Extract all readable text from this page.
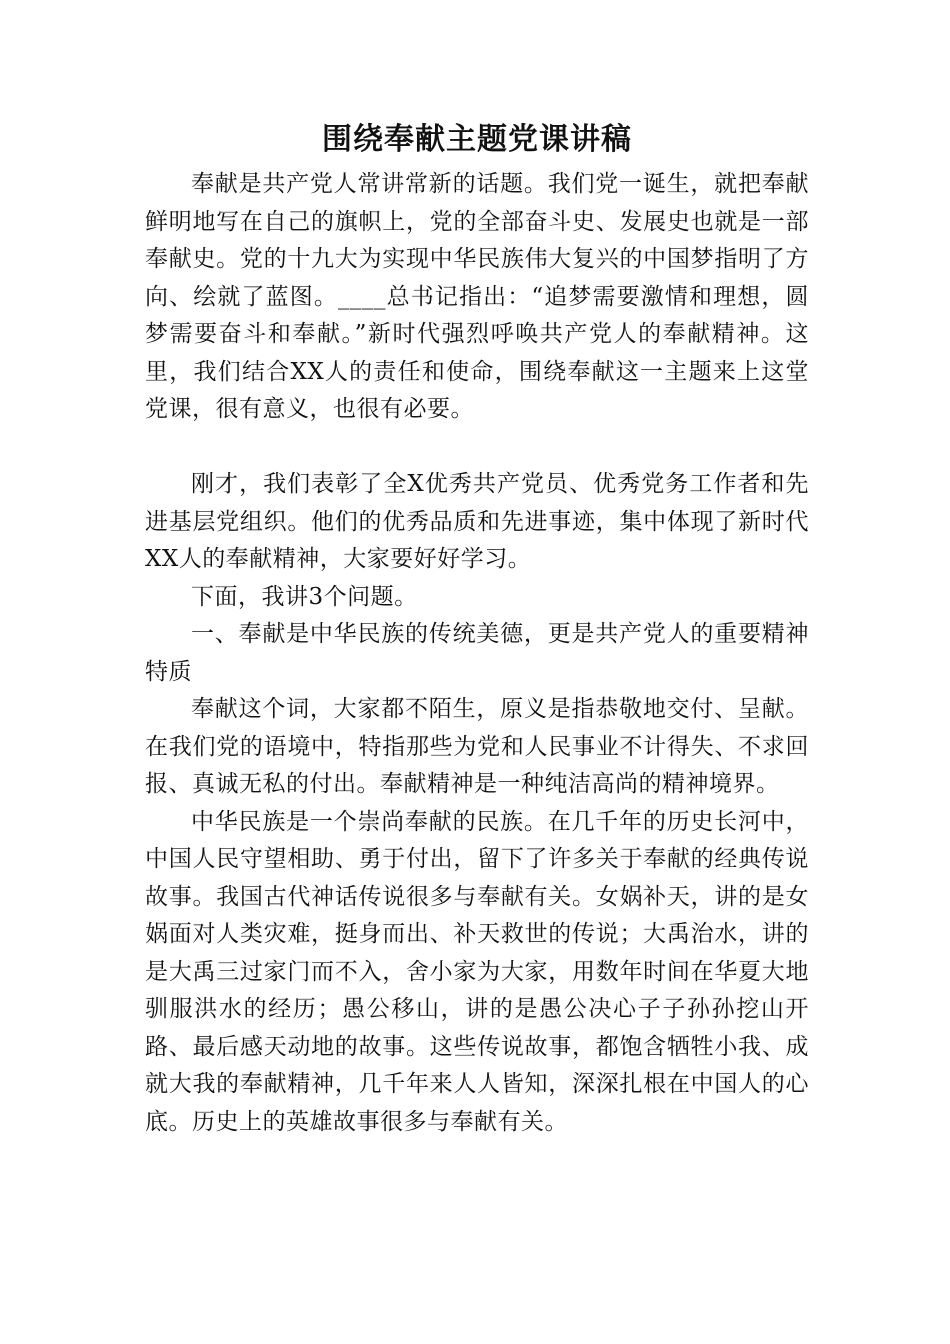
围绕奉献主题党课讲稿

奉献是共产党人常讲常新的话题。我们党一诞生，就把奉献鲜明地写在自己的旗帜上，党的全部奋斗史、发展史也就是一部奉献史。党的十九大为实现中华民族伟大复兴的中国梦指明了方向、绘就了蓝图。____总书记指出：“追梦需要激情和理想，圆梦需要奋斗和奉献。”新时代强烈呼唤共产党人的奉献精神。这里，我们结合XX人的责任和使命，围绕奉献这一主题来上这堂党课，很有意义，也很有必要。

刚才，我们表彰了全X优秀共产党员、优秀党务工作者和先进基层党组织。他们的优秀品质和先进事迹，集中体现了新时代XX人的奉献精神，大家要好好学习。

下面，我讲3个问题。

一、奉献是中华民族的传统美德，更是共产党人的重要精神特质

奉献这个词，大家都不陌生，原义是指恭敬地交付、呈献。在我们党的语境中，特指那些为党和人民事业不计得失、不求回报、真诚无私的付出。奉献精神是一种纯洁高尚的精神境界。

中华民族是一个崇尚奉献的民族。在几千年的历史长河中，中国人民守望相助、勇于付出，留下了许多关于奉献的经典传说故事。我国古代神话传说很多与奉献有关。女娲补天，讲的是女娲面对人类灾难，挺身而出、补天救世的传说；大禹治水，讲的是大禹三过家门而不入，舍小家为大家，用数年时间在华夏大地驯服洪水的经历；愚公移山，讲的是愚公决心子子孙孙挖山开路、最后感天动地的故事。这些传说故事，都饱含牺牲小我、成就大我的奉献精神，几千年来人人皆知，深深扎根在中国人的心底。历史上的英雄故事很多与奉献有关。
